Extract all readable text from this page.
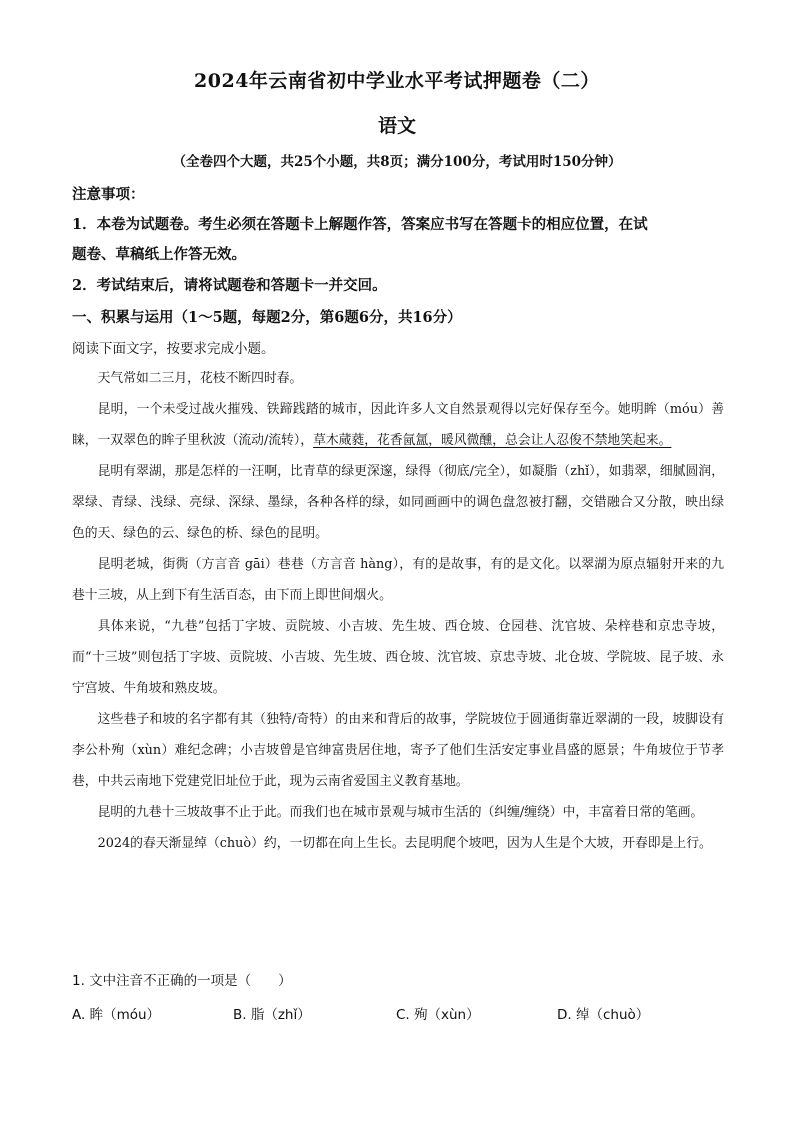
2024年云南省初中学业水平考试押题卷（二）
语文
（全卷四个大题，共25个小题，共8页；满分100分，考试用时150分钟）
注意事项：
1．本卷为试题卷。考生必须在答题卡上解题作答，答案应书写在答题卡的相应位置，在试
题卷、草稿纸上作答无效。
2．考试结束后，请将试题卷和答题卡一并交回。
一、积累与运用（1～5题，每题2分，第6题6分，共16分）
阅读下面文字，按要求完成小题。

天气常如二三月，花枝不断四时春。

昆明，一个未受过战火摧残、铁蹄践踏的城市，因此许多人文自然景观得以完好保存至今。她明眸（móu）善睐，一双翠色的眸子里秋波（流动/流转），草木蒇蕤，花香氤氲，暖风微醺，总会让人忍俊不禁地笑起来。

昆明有翠湖，那是怎样的一汪啊，比青草的绿更深邃，绿得（彻底/完全），如凝脂（zhǐ），如翡翠，细腻圆润，翠绿、青绿、浅绿、亮绿、深绿、墨绿，各种各样的绿，如同画画中的调色盘忽被打翻，交错融合又分散，映出绿色的天、绿色的云、绿色的桥、绿色的昆明。

昆明老城，街衖（方言音 gāi）巷巷（方言音 hàng），有的是故事，有的是文化。以翠湖为原点辐射开来的九巷十三坡，从上到下有生活百态，由下而上即世间烟火。

具体来说，“九巷”包括丁字坡、贡院坡、小吉坡、先生坡、西仓坡、仓园巷、沈官坡、朵梓巷和京忠寺坡，而“十三坡”则包括丁字坡、贡院坡、小吉坡、先生坡、西仓坡、沈官坡、京忠寺坡、北仓坡、学院坡、昆子坡、永宁宫坡、牛角坡和熟皮坡。

这些巷子和坡的名字都有其（独特/奇特）的由来和背后的故事，学院坡位于圆通街靠近翠湖的一段，坡脚设有李公朴殉（xùn）难纪念碑；小吉坡曾是官绅富贵居住地，寄予了他们生活安定事业昌盛的愿景；牛角坡位于节孝巷，中共云南地下党建党旧址位于此，现为云南省爱国主义教育基地。

昆明的九巷十三坡故事不止于此。而我们也在城市景观与城市生活的（纠缠/缠绕）中，丰富着日常的笔画。

2024的春天渐显绰（chuò）约，一切都在向上生长。去昆明爬个坡吧，因为人生是个大坡，开春即是上行。

1. 文中注音不正确的一项是（　　）
A. 眸（móu）	B. 脂（zhǐ）	C. 殉（xùn）	D. 绰（chuò）
